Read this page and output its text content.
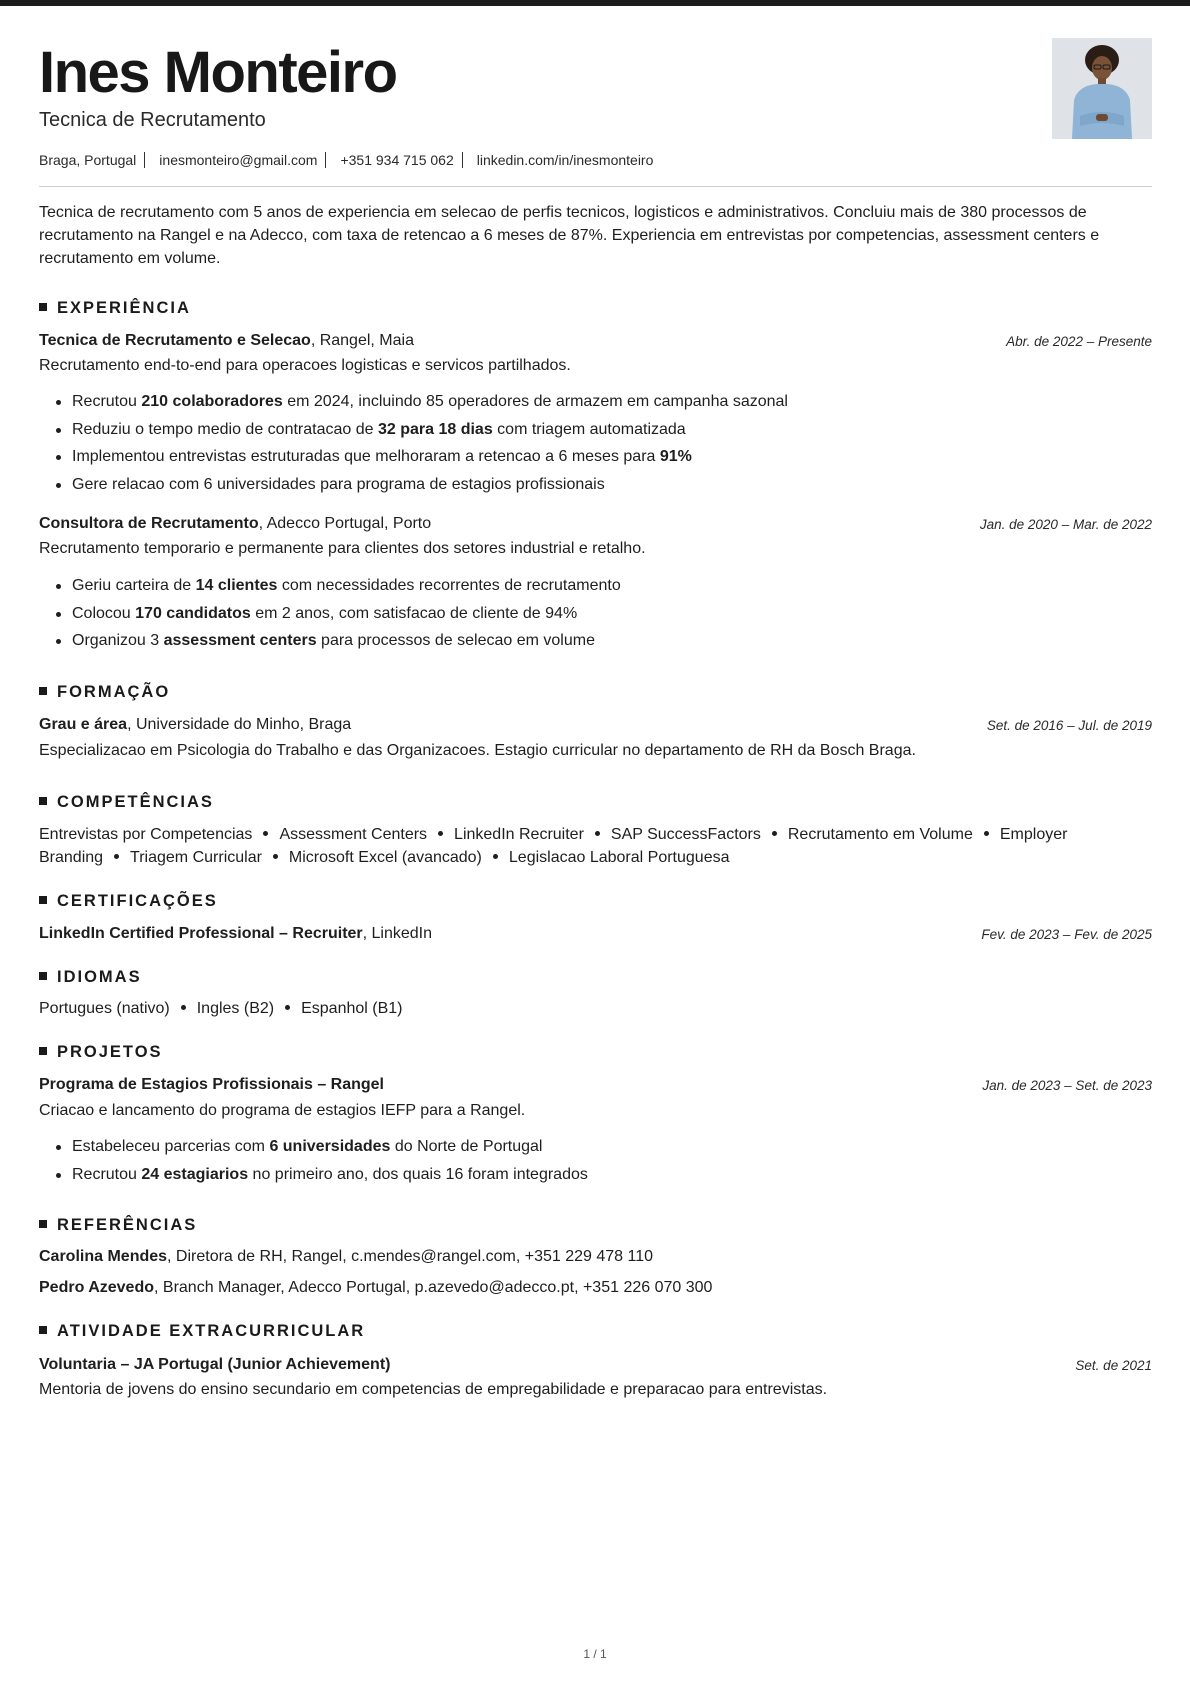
Ines Monteiro
Tecnica de Recrutamento
Braga, Portugal inesmonteiro@gmail.com +351 934 715 062 linkedin.com/in/inesmonteiro
Tecnica de recrutamento com 5 anos de experiencia em selecao de perfis tecnicos, logisticos e administrativos. Concluiu mais de 380 processos de recrutamento na Rangel e na Adecco, com taxa de retencao a 6 meses de 87%. Experiencia em entrevistas por competencias, assessment centers e recrutamento em volume.
EXPERIÊNCIA
Tecnica de Recrutamento e Selecao, Rangel, Maia	Abr. de 2022 – Presente
Recrutamento end-to-end para operacoes logisticas e servicos partilhados.
Recrutou 210 colaboradores em 2024, incluindo 85 operadores de armazem em campanha sazonal
Reduziu o tempo medio de contratacao de 32 para 18 dias com triagem automatizada
Implementou entrevistas estruturadas que melhoraram a retencao a 6 meses para 91%
Gere relacao com 6 universidades para programa de estagios profissionais
Consultora de Recrutamento, Adecco Portugal, Porto	Jan. de 2020 – Mar. de 2022
Recrutamento temporario e permanente para clientes dos setores industrial e retalho.
Geriu carteira de 14 clientes com necessidades recorrentes de recrutamento
Colocou 170 candidatos em 2 anos, com satisfacao de cliente de 94%
Organizou 3 assessment centers para processos de selecao em volume
FORMAÇÃO
Grau e área, Universidade do Minho, Braga	Set. de 2016 – Jul. de 2019
Especializacao em Psicologia do Trabalho e das Organizacoes. Estagio curricular no departamento de RH da Bosch Braga.
COMPETÊNCIAS
Entrevistas por Competencias Assessment Centers LinkedIn Recruiter SAP SuccessFactors Recrutamento em Volume Employer Branding Triagem Curricular Microsoft Excel (avancado) Legislacao Laboral Portuguesa
CERTIFICAÇÕES
LinkedIn Certified Professional – Recruiter, LinkedIn	Fev. de 2023 – Fev. de 2025
IDIOMAS
Portugues (nativo) Ingles (B2) Espanhol (B1)
PROJETOS
Programa de Estagios Profissionais – Rangel	Jan. de 2023 – Set. de 2023
Criacao e lancamento do programa de estagios IEFP para a Rangel.
Estabeleceu parcerias com 6 universidades do Norte de Portugal
Recrutou 24 estagiarios no primeiro ano, dos quais 16 foram integrados
REFERÊNCIAS
Carolina Mendes, Diretora de RH, Rangel, c.mendes@rangel.com, +351 229 478 110
Pedro Azevedo, Branch Manager, Adecco Portugal, p.azevedo@adecco.pt, +351 226 070 300
ATIVIDADE EXTRACURRICULAR
Voluntaria – JA Portugal (Junior Achievement)	Set. de 2021
Mentoria de jovens do ensino secundario em competencias de empregabilidade e preparacao para entrevistas.
1 / 1
